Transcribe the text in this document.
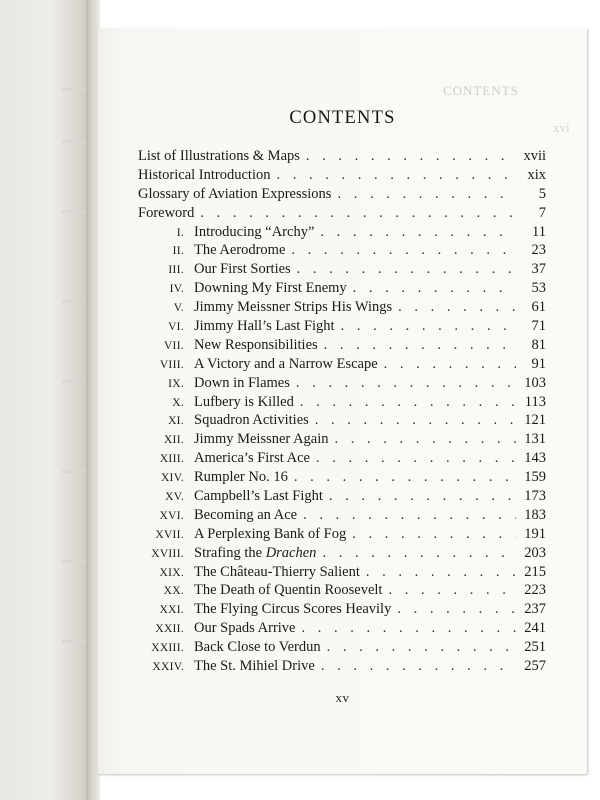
CONTENTS
xvi
CONTENTS
List of Illustrations & Maps . . .	xvii
Historical Introduction . . .	xix
Glossary of Aviation Expressions . . .	5
Foreword . . .	7
I. Introducing “Archy” . . .	11
II. The Aerodrome . . .	23
III. Our First Sorties . . .	37
IV. Downing My First Enemy . . .	53
V. Jimmy Meissner Strips His Wings . . .	61
VI. Jimmy Hall’s Last Fight . . .	71
VII. New Responsibilities . . .	81
VIII. A Victory and a Narrow Escape . . .	91
IX. Down in Flames . . .	103
X. Lufbery is Killed . . .	113
XI. Squadron Activities . . .	121
XII. Jimmy Meissner Again . . .	131
XIII. America’s First Ace . . .	143
XIV. Rumpler No. 16 . . .	159
XV. Campbell’s Last Fight . . .	173
XVI. Becoming an Ace . . .	183
XVII. A Perplexing Bank of Fog . . .	191
XVIII. Strafing the Drachen . . .	203
XIX. The Château-Thierry Salient . . .	215
XX. The Death of Quentin Roosevelt . . .	223
XXI. The Flying Circus Scores Heavily . . .	237
XXII. Our Spads Arrive . . .	241
XXIII. Back Close to Verdun . . .	251
XXIV. The St. Mihiel Drive . . .	257
xv
